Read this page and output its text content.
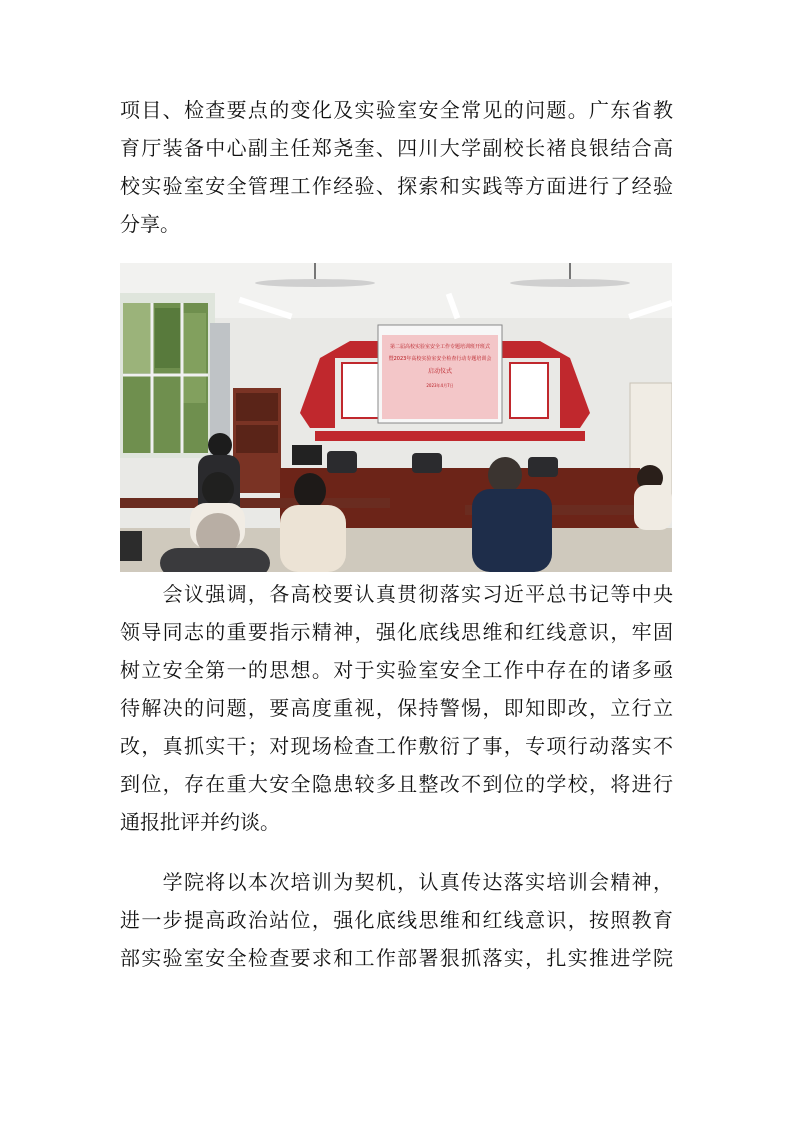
项目、检查要点的变化及实验室安全常见的问题。广东省教
育厅装备中心副主任郑尧奎、四川大学副校长褚良银结合高
校实验室安全管理工作经验、探索和实践等方面进行了经验
分享。
第二届高校实验室安全工作专题培训班开班式
暨2023年高校实验室安全检查行动专题培训会
启动仪式
2023年4月7日
　　会议强调，各高校要认真贯彻落实习近平总书记等中央
领导同志的重要指示精神，强化底线思维和红线意识，牢固
树立安全第一的思想。对于实验室安全工作中存在的诸多亟
待解决的问题，要高度重视，保持警惕，即知即改，立行立
改，真抓实干；对现场检查工作敷衍了事，专项行动落实不
到位，存在重大安全隐患较多且整改不到位的学校，将进行
通报批评并约谈。
　　学院将以本次培训为契机，认真传达落实培训会精神，
进一步提高政治站位，强化底线思维和红线意识，按照教育
部实验室安全检查要求和工作部署狠抓落实，扎实推进学院
